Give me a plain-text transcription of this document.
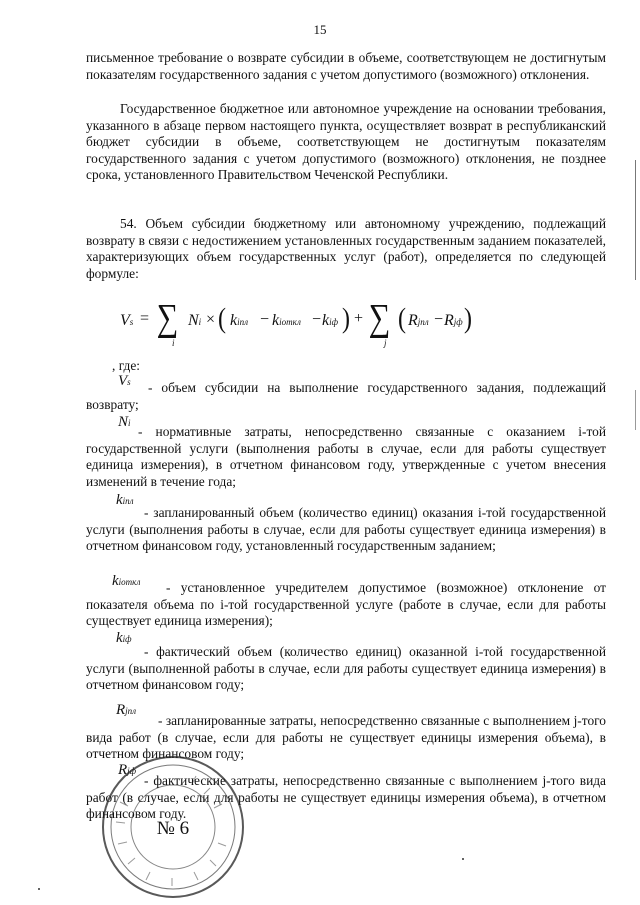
15

письменное требование о возврате субсидии в объеме, соответствующем не достигнутым показателям государственного задания с учетом допустимого (возможного) отклонения.

Государственное бюджетное или автономное учреждение на основании требования, указанного в абзаце первом настоящего пункта, осуществляет возврат в республиканский бюджет субсидии в объеме, соответствующем не достигнутым показателям государственного задания с учетом допустимого (возможного) отклонения, не позднее срока, установленного Правительством Чеченской Республики.

54. Объем субсидии бюджетному или автономному учреждению, подлежащий возврату в связи с недостижением установленных государственным заданием показателей, характеризующих объем государственных услуг (работ), определяется по следующей формуле:

Vs = ∑
i
Ni × ( kiпл − kiоткл − kiф ) + ∑
j
( Rjпл − Rjф )
, где:
Vs	- объем субсидии на выполнение государственного задания, подлежащий возврату;

Ni

- нормативные затраты, непосредственно связанные с оказанием i-той государственной услуги (выполнения работы в случае, если для работы существует единица измерения), в отчетном финансовом году, утвержденные с учетом внесения изменений в течение года;

kiпл

- запланированный объем (количество единиц) оказания i-той государственной услуги (выполнения работы в случае, если для работы существует единица измерения) в отчетном финансовом году, установленный государственным заданием;

kiоткл	- установленное учредителем допустимое (возможное) отклонение от показателя объема по i-той государственной услуге (работе в случае, если для работы существует единица измерения);

kiф

- фактический объем (количество единиц) оказанной i-той государственной услуги (выполненной работы в случае, если для работы существует единица измерения) в отчетном финансовом году;

Rjпл

- запланированные затраты, непосредственно связанные с выполнением j-того вида работ (в случае, если для работы не существует единицы измерения объема), в отчетном финансовом году;

Rjф

- фактические затраты, непосредственно связанные с выполнением j-того вида работ (в случае, если для работы не существует единицы измерения объема), в отчетном финансовом году.

№ 6
